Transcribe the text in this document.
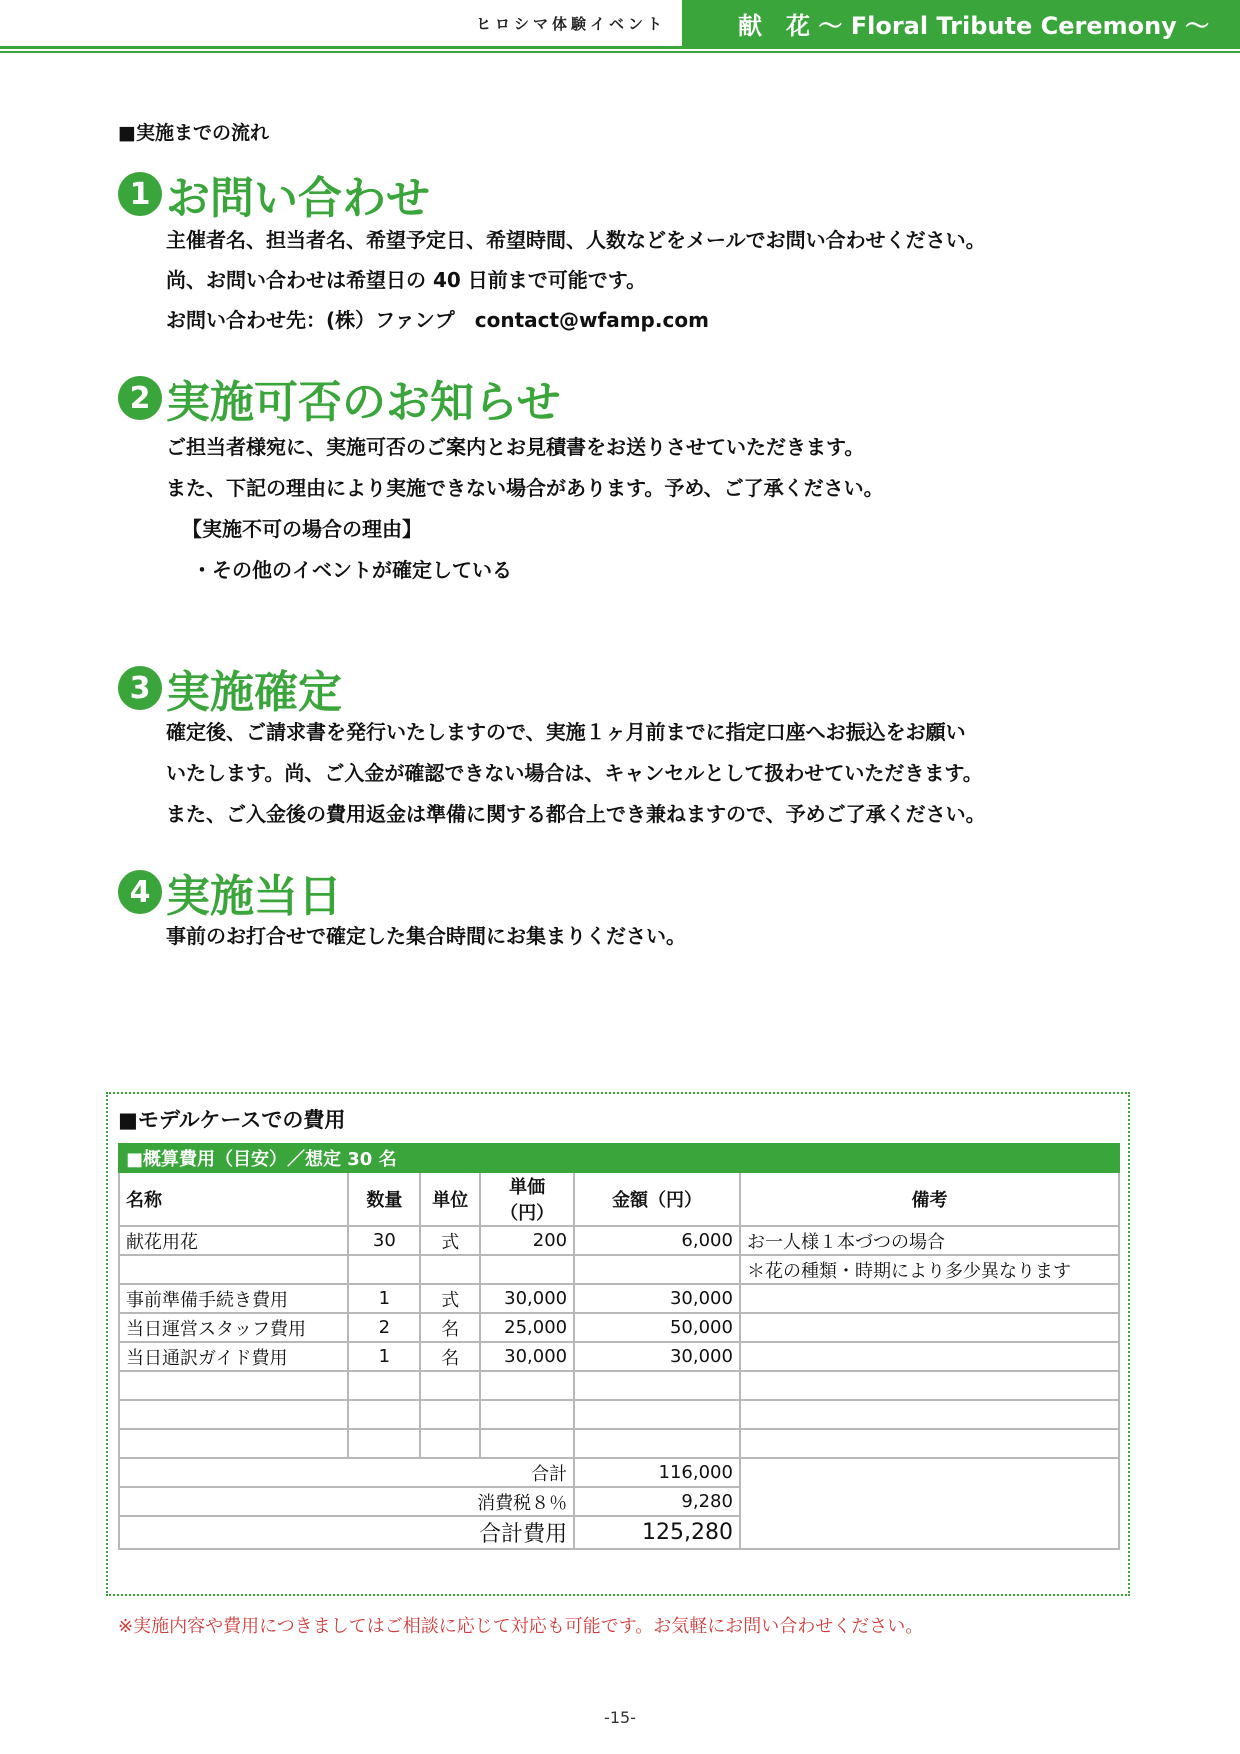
ヒロシマ体験イベント	献　花 〜 Floral Tribute Ceremony 〜
■実施までの流れ
1 お問い合わせ
主催者名、担当者名、希望予定日、希望時間、人数などをメールでお問い合わせください。
尚、お問い合わせは希望日の 40 日前まで可能です。
お問い合わせ先：(株）ファンプ　contact@wfamp.com
2 実施可否のお知らせ
ご担当者様宛に、実施可否のご案内とお見積書をお送りさせていただきます。
また、下記の理由により実施できない場合があります。予め、ご了承ください。
【実施不可の場合の理由】
・その他のイベントが確定している
3 実施確定
確定後、ご請求書を発行いたしますので、実施１ヶ月前までに指定口座へお振込をお願い
いたします。尚、ご入金が確認できない場合は、キャンセルとして扱わせていただきます。
また、ご入金後の費用返金は準備に関する都合上でき兼ねますので、予めご了承ください。
4 実施当日
事前のお打合せで確定した集合時間にお集まりください。
■モデルケースでの費用
■概算費用（目安）／想定 30 名					
名称	数量	単位	単価（円）	金額（円）	備考
献花用花	30	式	200	6,000	お一人様１本づつの場合
					＊花の種類・時期により多少異なります
事前準備手続き費用	1	式	30,000	30,000	
当日運営スタッフ費用	2	名	25,000	50,000	
当日通訳ガイド費用	1	名	30,000	30,000	

合計				116,000	
消費税８％				9,280	
合計費用				125,280	
※実施内容や費用につきましてはご相談に応じて対応も可能です。お気軽にお問い合わせください。
-15-
